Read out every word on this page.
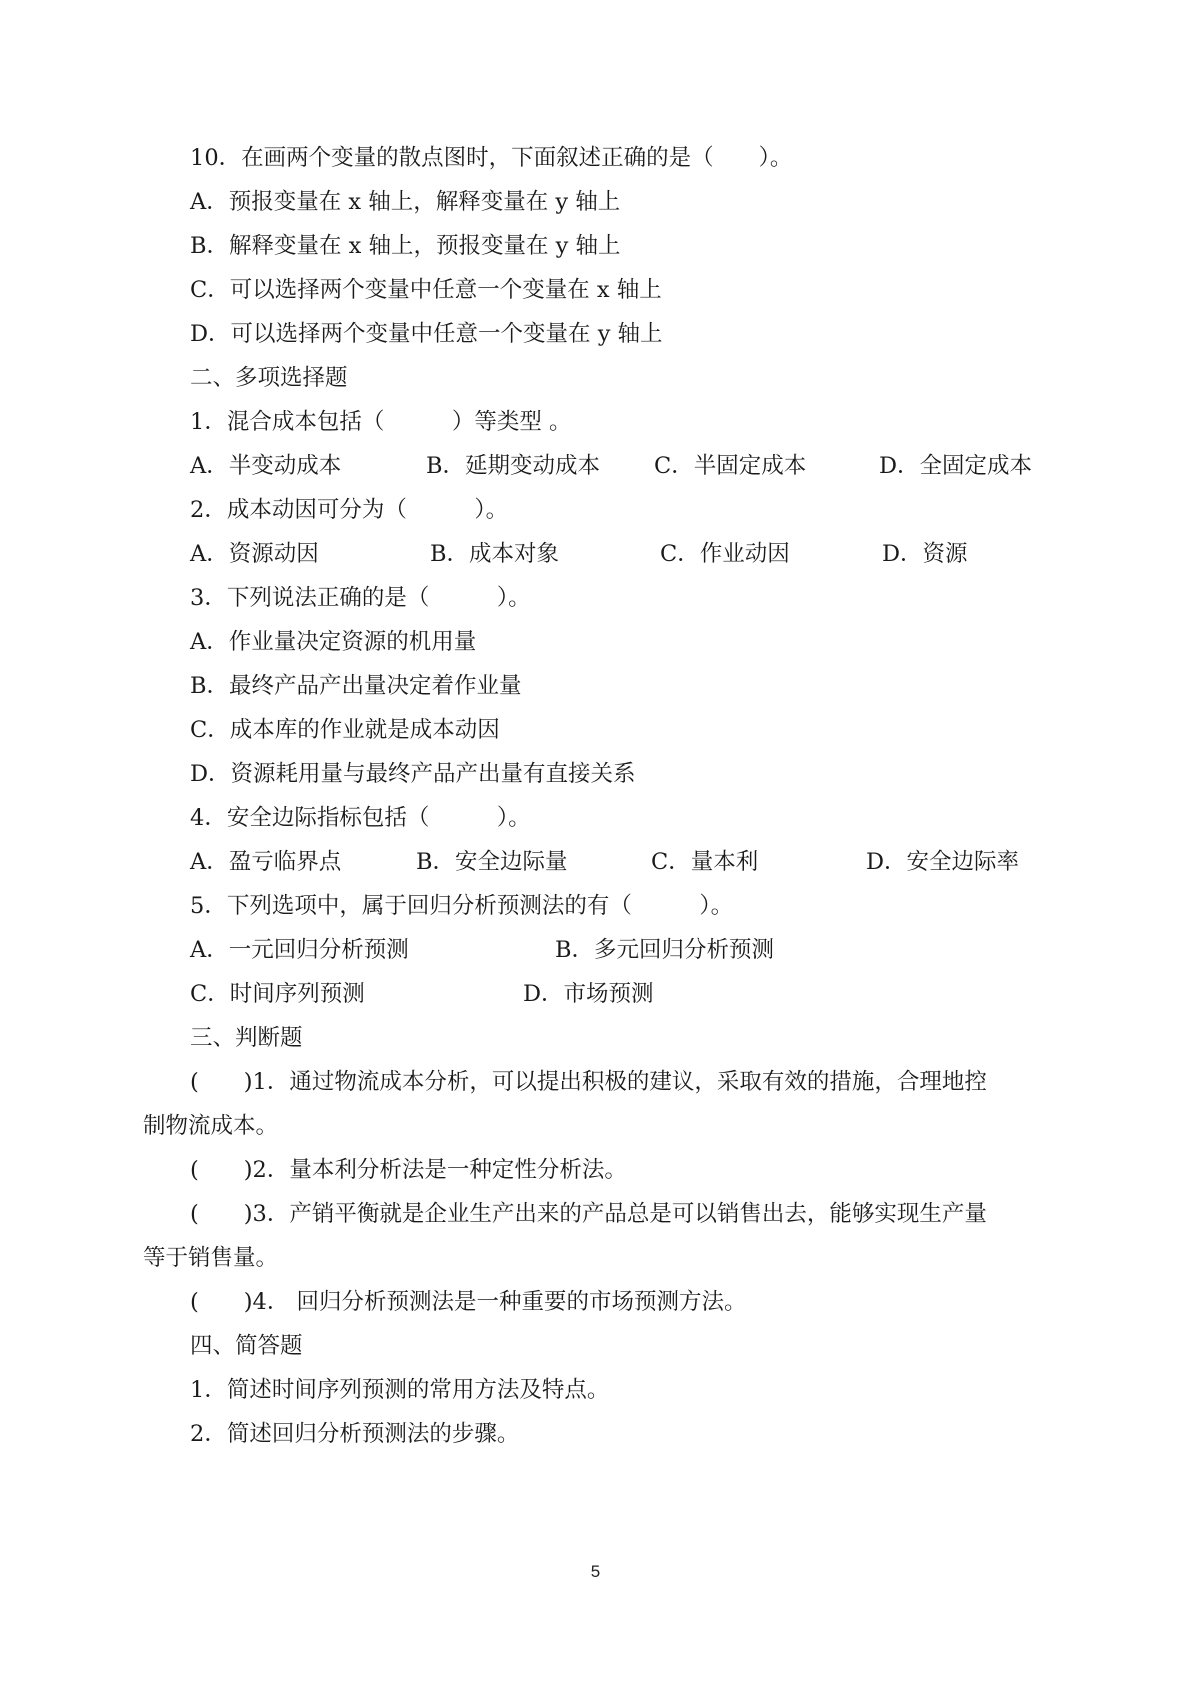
10．在画两个变量的散点图时，下面叙述正确的是（　　）。
A．预报变量在 x 轴上，解释变量在 y 轴上
B．解释变量在 x 轴上，预报变量在 y 轴上
C．可以选择两个变量中任意一个变量在 x 轴上
D．可以选择两个变量中任意一个变量在 y 轴上
二、多项选择题
1．混合成本包括（　　　）等类型 。
A．半变动成本	B．延期变动成本	C．半固定成本	D．全固定成本
2．成本动因可分为（　　　）。
A．资源动因	B．成本对象	C．作业动因	D．资源
3．下列说法正确的是（　　　）。
A．作业量决定资源的机用量
B．最终产品产出量决定着作业量
C．成本库的作业就是成本动因
D．资源耗用量与最终产品产出量有直接关系
4．安全边际指标包括（　　　）。
A．盈亏临界点	B．安全边际量	C．量本利	D．安全边际率
5．下列选项中，属于回归分析预测法的有（　　　）。
A．一元回归分析预测	B．多元回归分析预测
C．时间序列预测	D．市场预测
三、判断题
(　　)1．通过物流成本分析，可以提出积极的建议，采取有效的措施，合理地控
制物流成本。
(　　)2．量本利分析法是一种定性分析法。
(　　)3．产销平衡就是企业生产出来的产品总是可以销售出去，能够实现生产量
等于销售量。
(　　)4． 回归分析预测法是一种重要的市场预测方法。
四、简答题
1．简述时间序列预测的常用方法及特点。
2．简述回归分析预测法的步骤。
5
